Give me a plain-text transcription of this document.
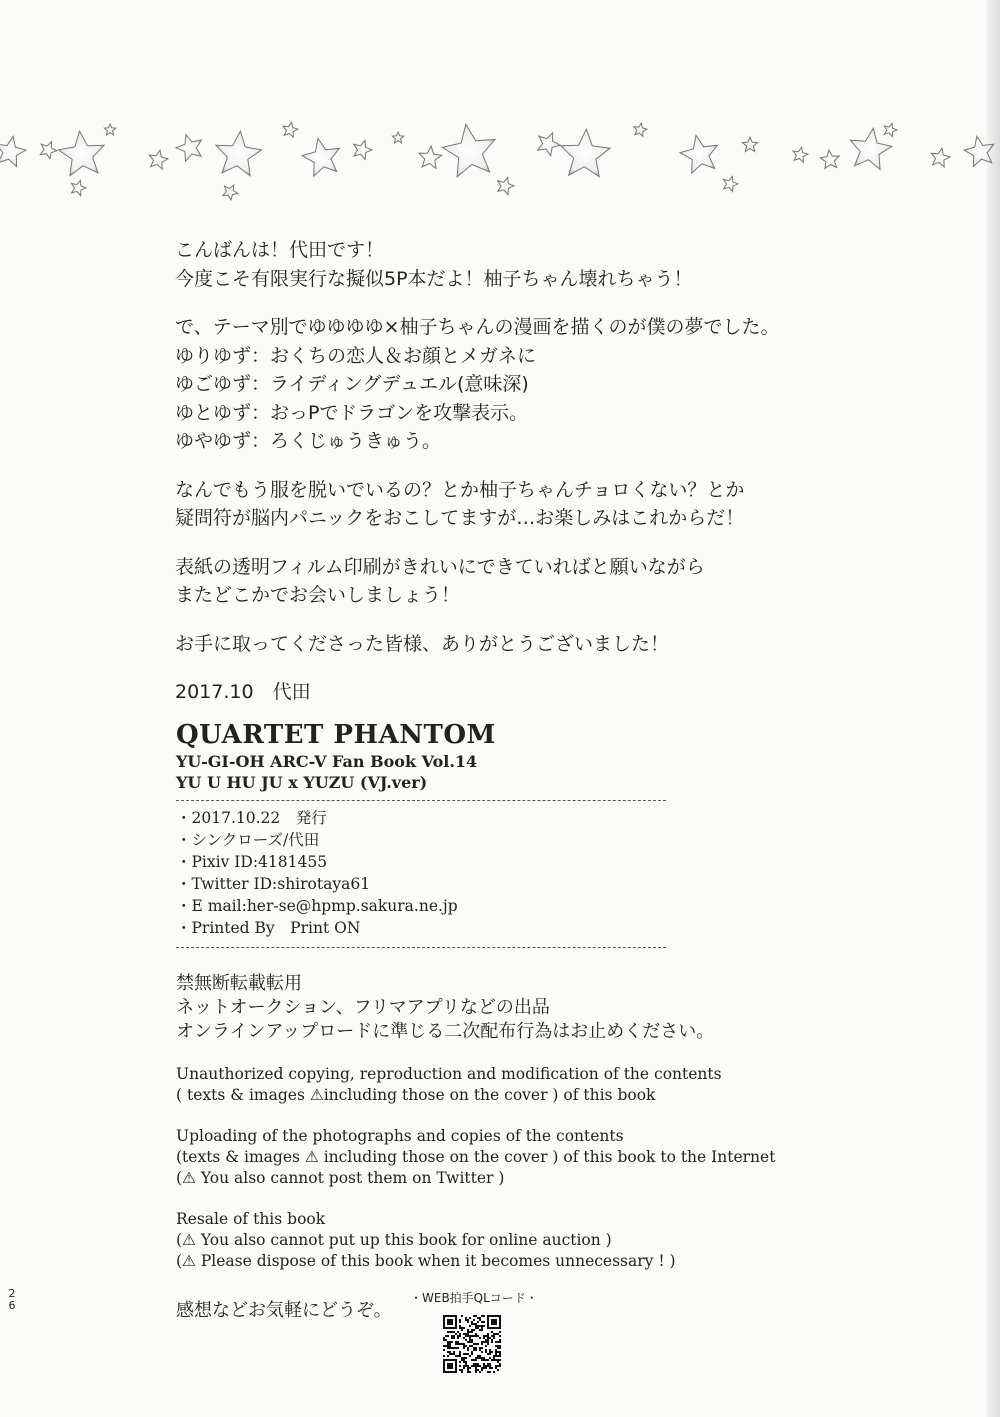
こんばんは！代田です！

今度こそ有限実行な擬似5P本だよ！柚子ちゃん壊れちゃう！

で、テーマ別でゆゆゆゆ×柚子ちゃんの漫画を描くのが僕の夢でした。

ゆりゆず：おくちの恋人＆お顔とメガネに

ゆごゆず：ライディングデュエル(意味深)

ゆとゆず：おっPでドラゴンを攻撃表示。

ゆやゆず：ろくじゅうきゅう。

なんでもう服を脱いでいるの？とか柚子ちゃんチョロくない？とか

疑問符が脳内パニックをおこしてますが…お楽しみはこれからだ！

表紙の透明フィルム印刷がきれいにできていればと願いながら

またどこかでお会いしましょう！

お手に取ってくださった皆様、ありがとうございました！

2017.10　代田

QUARTET PHANTOM
YU-GI-OH ARC-V Fan Book Vol.14
YU U HU JU x YUZU (VJ.ver)
・2017.10.22　発行
・シンクローズ/代田
・Pixiv ID:4181455
・Twitter ID:shirotaya61
・E mail:her-se@hpmp.sakura.ne.jp
・Printed By　Print ON
禁無断転載転用
ネットオークション、フリマアプリなどの出品
オンラインアップロードに準じる二次配布行為はお止めください。
Unauthorized copying, reproduction and modification of the contents
( texts & images ⚠including those on the cover ) of this book
Uploading of the photographs and copies of the contents
(texts & images ⚠ including those on the cover ) of this book to the Internet
(⚠ You also cannot post them on Twitter )
Resale of this book
(⚠ You also cannot put up this book for online auction )
(⚠ Please dispose of this book when it becomes unnecessary ! )
2
6	感想などお気軽にどうぞ。
・WEB拍手QLコード・
